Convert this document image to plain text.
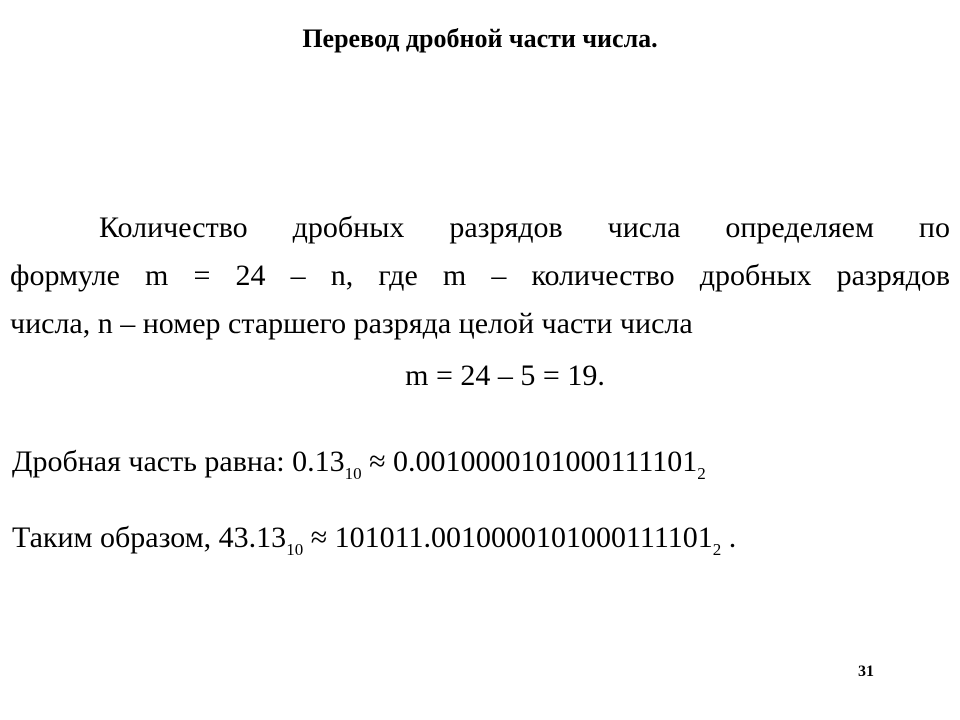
Перевод дробной части числа.
Количество дробных разрядов числа определяем по
формуле m = 24 – n, где m – количество дробных разрядов
числа, n – номер старшего разряда целой части числа
m = 24 – 5 = 19.
Дробная часть равна: $0.13_{10} \approx 0.0010000101000111101_2$
Таким образом, $43.13_{10} \approx 101011.0010000101000111101_2$ .
31
